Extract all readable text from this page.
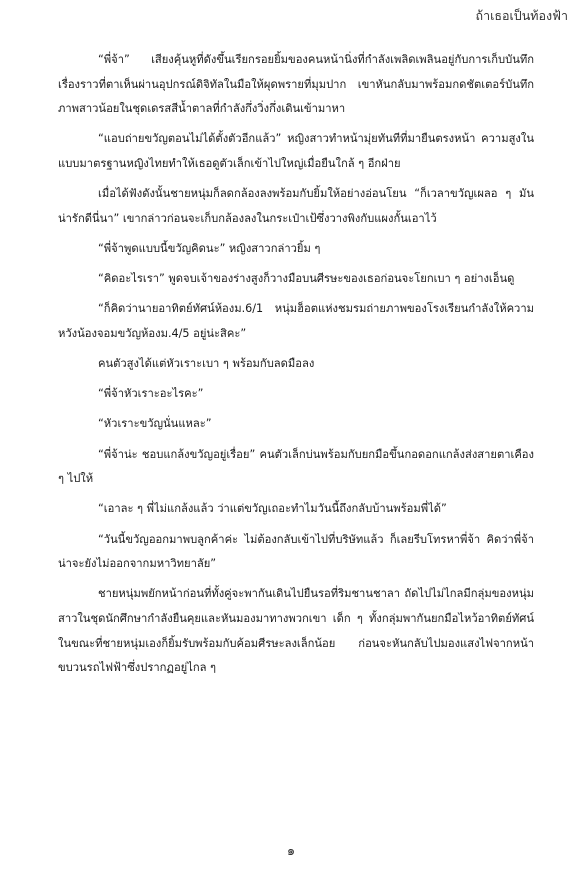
ถ้าเธอเป็นท้องฟ้า

“พี่จ้า” เสียงคุ้นหูที่ดังขึ้นเรียกรอยยิ้มของคนหน้านิ่งที่กำลังเพลิดเพลินอยู่กับการเก็บบันทึกเรื่องราวที่ตาเห็นผ่านอุปกรณ์ดิจิทัลในมือให้ผุดพรายที่มุมปาก เขาหันกลับมาพร้อมกดชัตเตอร์บันทึกภาพสาวน้อยในชุดเดรสสีน้ำตาลที่กำลังกึ่งวิ่งกึ่งเดินเข้ามาหา

“แอบถ่ายขวัญตอนไม่ได้ตั้งตัวอีกแล้ว” หญิงสาวทำหน้ามุ่ยทันทีที่มายืนตรงหน้า ความสูงในแบบมาตรฐานหญิงไทยทำให้เธอดูตัวเล็กเข้าไปใหญ่เมื่อยืนใกล้ ๆ อีกฝ่าย

เมื่อได้ฟังดังนั้นชายหนุ่มก็ลดกล้องลงพร้อมกับยิ้มให้อย่างอ่อนโยน “ก็เวลาขวัญเผลอ ๆ มันน่ารักดีนี่นา” เขากล่าวก่อนจะเก็บกล้องลงในกระเป๋าเป้ซึ่งวางพิงกับแผงกั้นเอาไว้

“พี่จ้าพูดแบบนี้ขวัญคิดนะ” หญิงสาวกล่าวยิ้ม ๆ

“คิดอะไรเรา” พูดจบเจ้าของร่างสูงก็วางมือบนศีรษะของเธอก่อนจะโยกเบา ๆ อย่างเอ็นดู

“ก็คิดว่านายอาทิตย์ทัศน์ห้องม.6/1 หนุ่มฮ็อตแห่งชมรมถ่ายภาพของโรงเรียนกำลังให้ความหวังน้องจอมขวัญห้องม.4/5 อยู่น่ะสิคะ”

คนตัวสูงได้แต่หัวเราะเบา ๆ พร้อมกับลดมือลง

“พี่จ้าหัวเราะอะไรคะ”

“หัวเราะขวัญนั่นแหละ”

“พี่จ้าน่ะ ชอบแกล้งขวัญอยู่เรื่อย” คนตัวเล็กบ่นพร้อมกับยกมือขึ้นกอดอกแกล้งส่งสายตาเคือง ๆ ไปให้

“เอาละ ๆ พี่ไม่แกล้งแล้ว ว่าแต่ขวัญเถอะทำไมวันนี้ถึงกลับบ้านพร้อมพี่ได้”

“วันนี้ขวัญออกมาพบลูกค้าค่ะ ไม่ต้องกลับเข้าไปที่บริษัทแล้ว ก็เลยรีบโทรหาพี่จ้า คิดว่าพี่จ้าน่าจะยังไม่ออกจากมหาวิทยาลัย”

ชายหนุ่มพยักหน้าก่อนที่ทั้งคู่จะพากันเดินไปยืนรอที่ริมชานชาลา ถัดไปไม่ไกลมีกลุ่มของหนุ่มสาวในชุดนักศึกษากำลังยืนคุยและหันมองมาทางพวกเขา เด็ก ๆ ทั้งกลุ่มพากันยกมือไหว้อาทิตย์ทัศน์ ในขณะที่ชายหนุ่มเองก็ยิ้มรับพร้อมกับค้อมศีรษะลงเล็กน้อย ก่อนจะหันกลับไปมองแสงไฟจากหน้าขบวนรถไฟฟ้าซึ่งปรากฏอยู่ไกล ๆ

๑
